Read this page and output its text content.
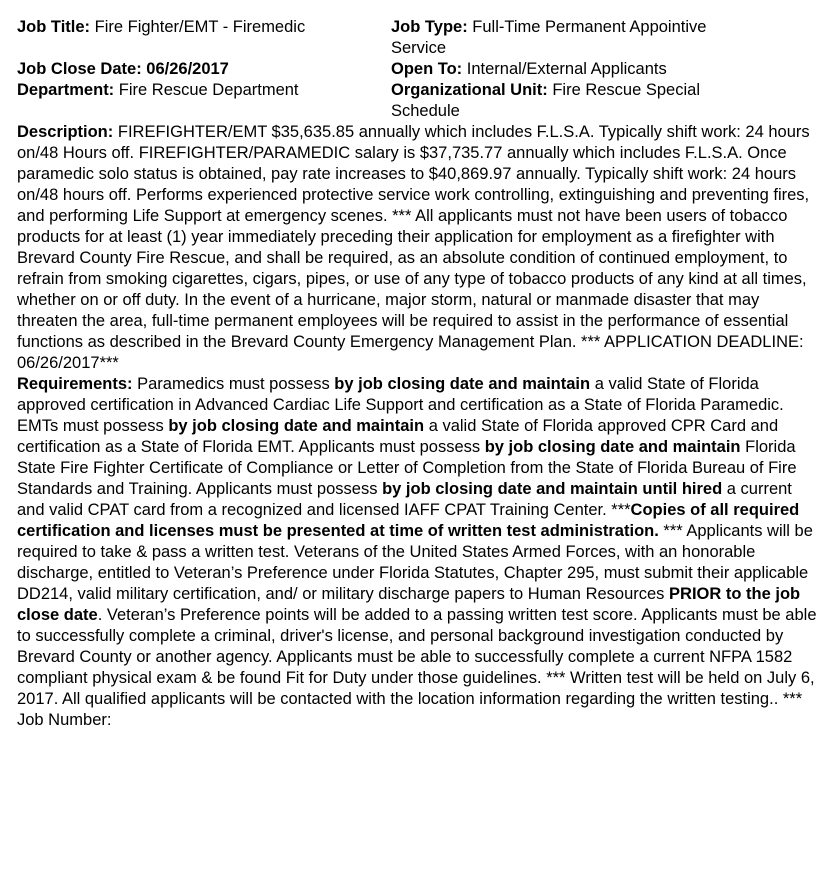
Job Title: Fire Fighter/EMT - Firemedic	Job Type: Full-Time Permanent Appointive Service
Job Close Date: 06/26/2017	Open To: Internal/External Applicants
Department: Fire Rescue Department	Organizational Unit: Fire Rescue Special Schedule

Description: FIREFIGHTER/EMT $35,635.85 annually which includes F.L.S.A. Typically shift work: 24 hours on/48 Hours off. FIREFIGHTER/PARAMEDIC salary is $37,735.77 annually which includes F.L.S.A. Once paramedic solo status is obtained, pay rate increases to $40,869.97 annually. Typically shift work: 24 hours on/48 hours off. Performs experienced protective service work controlling, extinguishing and preventing fires, and performing Life Support at emergency scenes. *** All applicants must not have been users of tobacco products for at least (1) year immediately preceding their application for employment as a firefighter with Brevard County Fire Rescue, and shall be required, as an absolute condition of continued employment, to refrain from smoking cigarettes, cigars, pipes, or use of any type of tobacco products of any kind at all times, whether on or off duty. In the event of a hurricane, major storm, natural or manmade disaster that may threaten the area, full-time permanent employees will be required to assist in the performance of essential functions as described in the Brevard County Emergency Management Plan. *** APPLICATION DEADLINE: 06/26/2017***

Requirements: Paramedics must possess by job closing date and maintain a valid State of Florida approved certification in Advanced Cardiac Life Support and certification as a State of Florida Paramedic. EMTs must possess by job closing date and maintain a valid State of Florida approved CPR Card and certification as a State of Florida EMT. Applicants must possess by job closing date and maintain Florida State Fire Fighter Certificate of Compliance or Letter of Completion from the State of Florida Bureau of Fire Standards and Training. Applicants must possess by job closing date and maintain until hired a current and valid CPAT card from a recognized and licensed IAFF CPAT Training Center. ***Copies of all required certification and licenses must be presented at time of written test administration. *** Applicants will be required to take & pass a written test. Veterans of the United States Armed Forces, with an honorable discharge, entitled to Veteran’s Preference under Florida Statutes, Chapter 295, must submit their applicable DD214, valid military certification, and/ or military discharge papers to Human Resources PRIOR to the job close date. Veteran’s Preference points will be added to a passing written test score. Applicants must be able to successfully complete a criminal, driver's license, and personal background investigation conducted by Brevard County or another agency. Applicants must be able to successfully complete a current NFPA 1582 compliant physical exam & be found Fit for Duty under those guidelines. *** Written test will be held on July 6, 2017. All qualified applicants will be contacted with the location information regarding the written testing.. ***

Job Number:
